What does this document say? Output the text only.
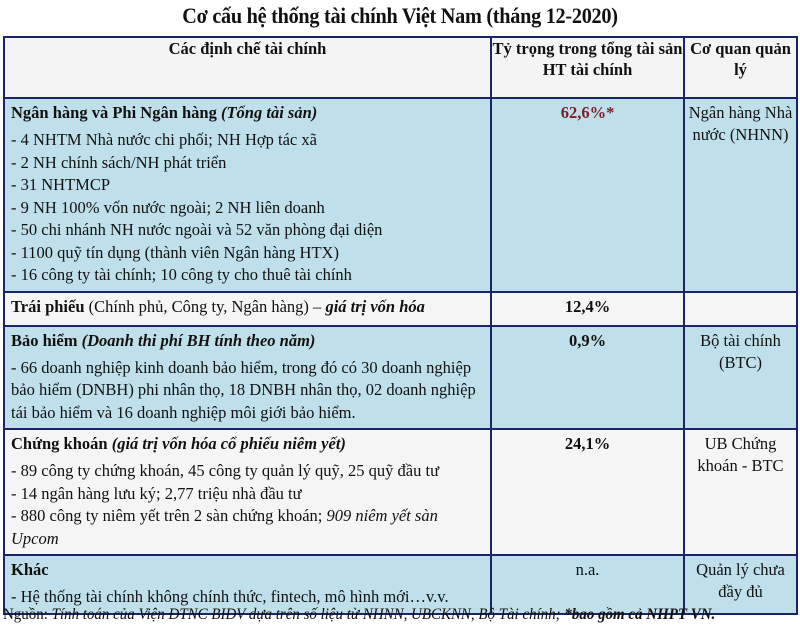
Cơ cấu hệ thống tài chính Việt Nam (tháng 12-2020)
Các định chế tài chính	Tỷ trọng trong tổng tài sản HT tài chính	Cơ quan quản lý

Ngân hàng và Phi Ngân hàng (Tổng tài sản)
- 4 NHTM Nhà nước chi phối; NH Hợp tác xã
- 2 NH chính sách/NH phát triển
- 31 NHTMCP
- 9 NH 100% vốn nước ngoài; 2 NH liên doanh
- 50 chi nhánh NH nước ngoài và 52 văn phòng đại diện
- 1100 quỹ tín dụng (thành viên Ngân hàng HTX)
- 16 công ty tài chính; 10 công ty cho thuê tài chính
	62,6%*	Ngân hàng Nhà nước (NHNN)

Trái phiếu (Chính phủ, Công ty, Ngân hàng) – giá trị vốn hóa	12,4%	

Bảo hiểm (Doanh thi phí BH tính theo năm)
- 66 doanh nghiệp kinh doanh bảo hiểm, trong đó có 30 doanh nghiệp bảo hiểm (DNBH) phi nhân thọ, 18 DNBH nhân thọ, 02 doanh nghiệp tái bảo hiểm và 16 doanh nghiệp môi giới bảo hiểm.	0,9%	Bộ tài chính (BTC)

Chứng khoán (giá trị vốn hóa cổ phiếu niêm yết)
- 89 công ty chứng khoán, 45 công ty quản lý quỹ, 25 quỹ đầu tư
- 14 ngân hàng lưu ký; 2,77 triệu nhà đầu tư
- 880 công ty niêm yết trên 2 sàn chứng khoán; 909 niêm yết sàn Upcom	24,1%	UB Chứng khoán - BTC

Khác
- Hệ thống tài chính không chính thức, fintech, mô hình mới…v.v.	n.a.	Quản lý chưa đầy đủ
Nguồn: Tính toán của Viện ĐTNC BIDV dựa trên số liệu từ NHNN, UBCKNN, Bộ Tài chính; *bao gồm cả NHPT VN.
